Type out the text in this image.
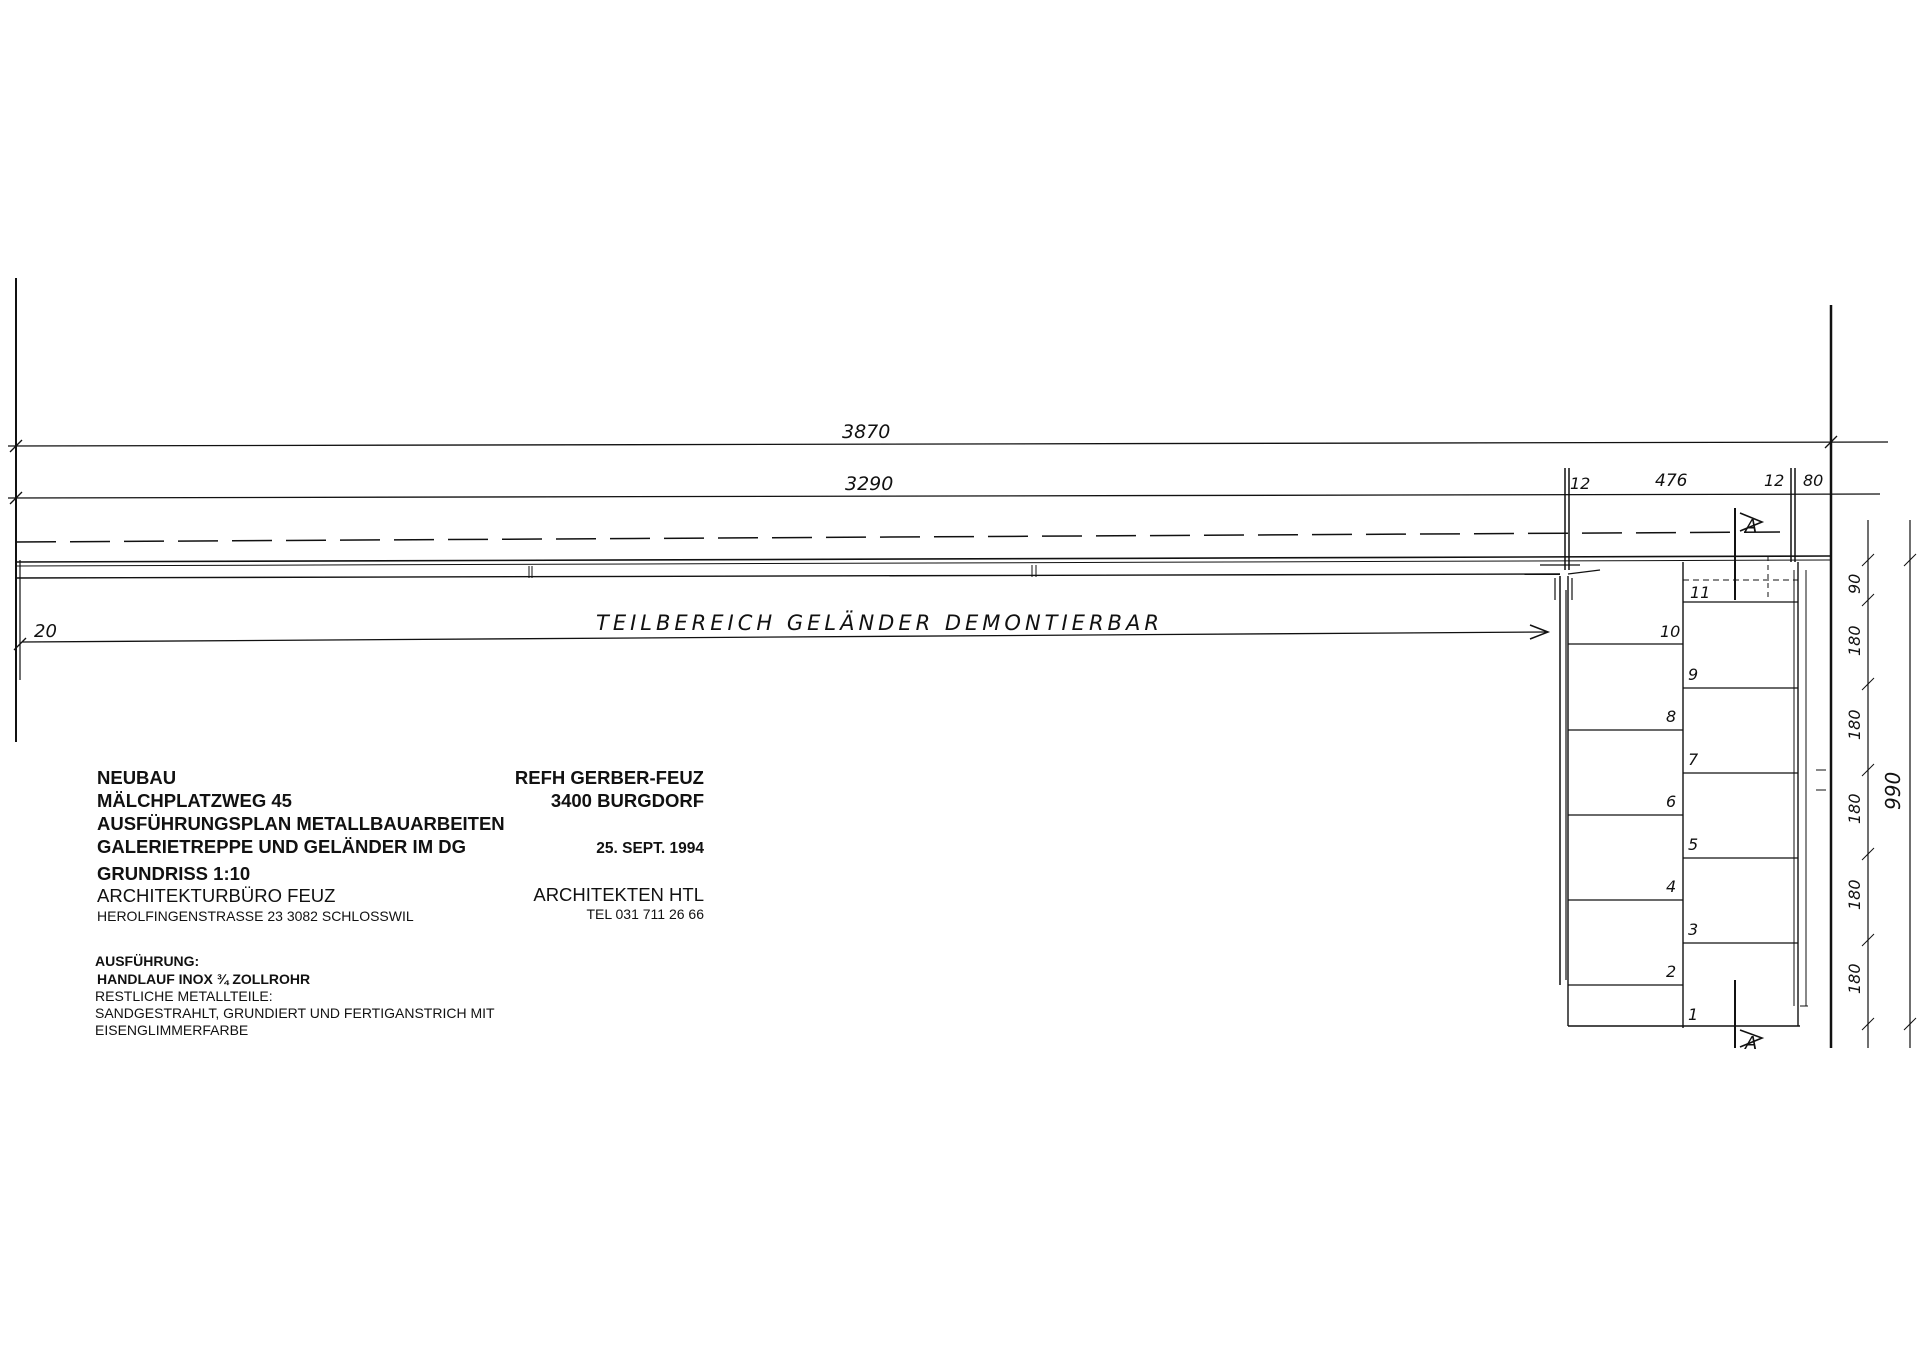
3870
3290	12	476	12 80
20	TEILBEREICH GELÄNDER DEMONTIERBAR
1
2
3
4
5
6
7
8
9
10
11
A
A
90
180
180
180
180
180
990
NEUBAU
MÄLCHPLATZWEG 45
AUSFÜHRUNGSPLAN METALLBAUARBEITEN
GALERIETREPPE UND GELÄNDER IM DG
GRUNDRISS 1:10
ARCHITEKTURBÜRO FEUZ
HEROLFINGENSTRASSE 23 3082 SCHLOSSWIL
REFH GERBER-FEUZ
3400 BURGDORF
25. SEPT. 1994
ARCHITEKTEN HTL
TEL 031 711 26 66
AUSFÜHRUNG:
HANDLAUF INOX ¾ ZOLLROHR
RESTLICHE METALLTEILE:
SANDGESTRAHLT, GRUNDIERT UND FERTIGANSTRICH MIT
EISENGLIMMERFARBE
